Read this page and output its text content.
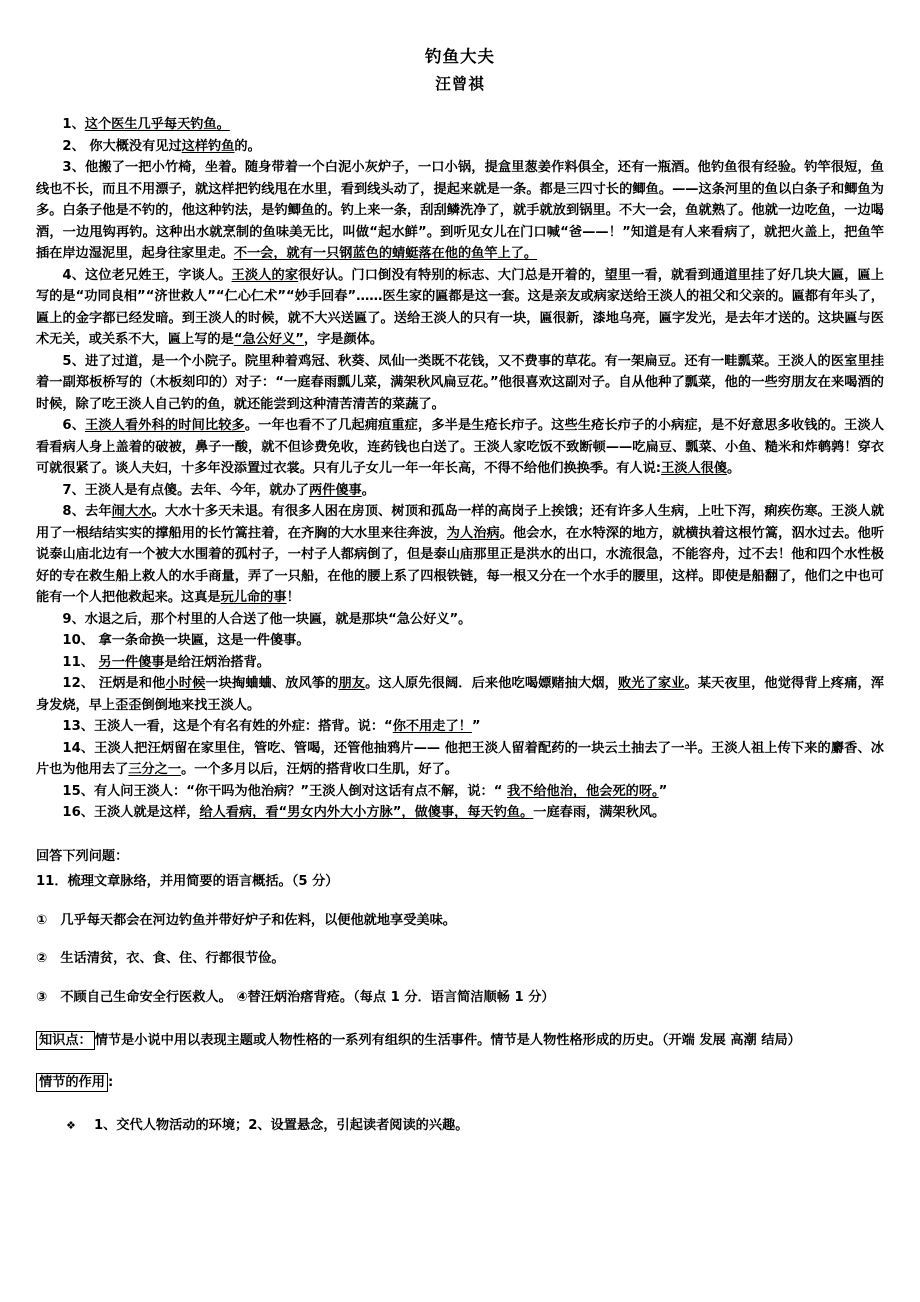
钓鱼大夫
汪曾祺

1、这个医生几乎每天钓鱼。

2、 你大概没有见过这样钓鱼的。

3、他搬了一把小竹椅，坐着。随身带着一个白泥小灰炉子，一口小锅，提盒里葱姜作料俱全，还有一瓶酒。他钓鱼很有经验。钓竿很短，鱼线也不长，而且不用漂子，就这样把钓线甩在水里，看到线头动了，提起来就是一条。都是三四寸长的鲫鱼。——这条河里的鱼以白条子和鲫鱼为多。白条子他是不钓的，他这种钓法，是钓鲫鱼的。钓上来一条，刮刮鳞洗净了，就手就放到锅里。不大一会，鱼就熟了。他就一边吃鱼，一边喝酒，一边甩钩再钓。这种出水就烹制的鱼味美无比，叫做“起水鲜”。到听见女儿在门口喊“爸——！”知道是有人来看病了，就把火盖上，把鱼竿插在岸边湿泥里，起身往家里走。不一会，就有一只钢蓝色的蜻蜓落在他的鱼竿上了。

4、这位老兄姓王，字谈人。王淡人的家很好认。门口倒没有特别的标志、大门总是开着的，望里一看，就看到通道里挂了好几块大匾，匾上写的是“功同良相”“济世救人”“仁心仁术”“妙手回春”……医生家的匾都是这一套。这是亲友或病家送给王淡人的祖父和父亲的。匾都有年头了，匾上的金字都已经发暗。到王淡人的时候，就不大兴送匾了。送给王淡人的只有一块，匾很新，漆地乌亮，匾字发光，是去年才送的。这块匾与医术无关，或关系不大，匾上写的是“急公好义”，字是颜体。

5、进了过道，是一个小院子。院里种着鸡冠、秋葵、凤仙一类既不花钱，又不费事的草花。有一架扁豆。还有一畦瓢菜。王淡人的医室里挂着一副郑板桥写的（木板刻印的）对子：“一庭春雨瓢儿菜，满架秋风扁豆花。”他很喜欢这副对子。自从他种了瓢菜，他的一些穷朋友在来喝酒的时候，除了吃王淡人自己钓的鱼，就还能尝到这种清苦清苦的菜蔬了。

6、王淡人看外科的时间比较多。一年也看不了几起痈疽重症，多半是生疮长疖子。这些生疮长疖子的小病症，是不好意思多收钱的。王淡人看看病人身上盖着的破被，鼻子一酸，就不但诊费免收，连药钱也白送了。王淡人家吃饭不致断顿——吃扁豆、瓢菜、小鱼、糙米和炸鹌鹑！穿衣可就很紧了。谈人夫妇，十多年没添置过衣裳。只有儿子女儿一年一年长高，不得不给他们换换季。有人说:王淡人很傻。

7、王淡人是有点傻。去年、今年，就办了两件傻事。

8、去年闹大水。大水十多天未退。有很多人困在房顶、树顶和孤岛一样的高岗子上挨饿；还有许多人生病，上吐下泻，痢疾伤寒。王淡人就用了一根结结实实的撑船用的长竹篙拄着，在齐胸的大水里来往奔波，为人治病。他会水，在水特深的地方，就横执着这根竹篙，泅水过去。他听说泰山庙北边有一个被大水围着的孤村子，一村子人都病倒了，但是泰山庙那里正是洪水的出口，水流很急，不能容舟，过不去！他和四个水性极好的专在救生船上救人的水手商量，弄了一只船，在他的腰上系了四根铁链，每一根又分在一个水手的腰里，这样。即使是船翻了，他们之中也可能有一个人把他救起来。这真是玩儿命的事！

9、水退之后，那个村里的人合送了他一块匾，就是那块“急公好义”。

10、 拿一条命换一块匾，这是一件傻事。

11、 另一件傻事是给汪炳治搭背。

12、 汪炳是和他小时候一块掏蛐蛐、放风筝的朋友。这人原先很阔．后来他吃喝嫖赌抽大烟，败光了家业。某天夜里，他觉得背上疼痛，浑身发烧，早上歪歪倒倒地来找王淡人。

13、王淡人一看，这是个有名有姓的外症：搭背。说：“你不用走了！”

14、王淡人把汪炳留在家里住，管吃、管喝，还管他抽鸦片—— 他把王淡人留着配药的一块云土抽去了一半。王淡人祖上传下来的麝香、冰片也为他用去了三分之一。一个多月以后，汪炳的搭背收口生肌，好了。

15、有人问王淡人：“你干吗为他治病？”王淡人倒对这话有点不解，说：“ 我不给他治，他会死的呀。”

16、王淡人就是这样，给人看病，看“男女内外大小方脉”，做傻事，每天钓鱼。一庭春雨，满架秋风。

回答下列问题：

11．梳理文章脉络，并用简要的语言概括。（5 分）

①　几乎每天都会在河边钓鱼并带好炉子和佐料，以便他就地享受美味。

②　生话清贫，衣、食、住、行都很节俭。

③　不顾自己生命安全行医救人。 ④替汪炳治瘩背疮。（每点 1 分．语言简洁顺畅 1 分）

知识点： 情节是小说中用以表现主题或人物性格的一系列有组织的生活事件。情节是人物性格形成的历史。（开端 发展 高潮 结局）

情节的作用 :

❖ 1、交代人物活动的环境；2、设置悬念，引起读者阅读的兴趣。
